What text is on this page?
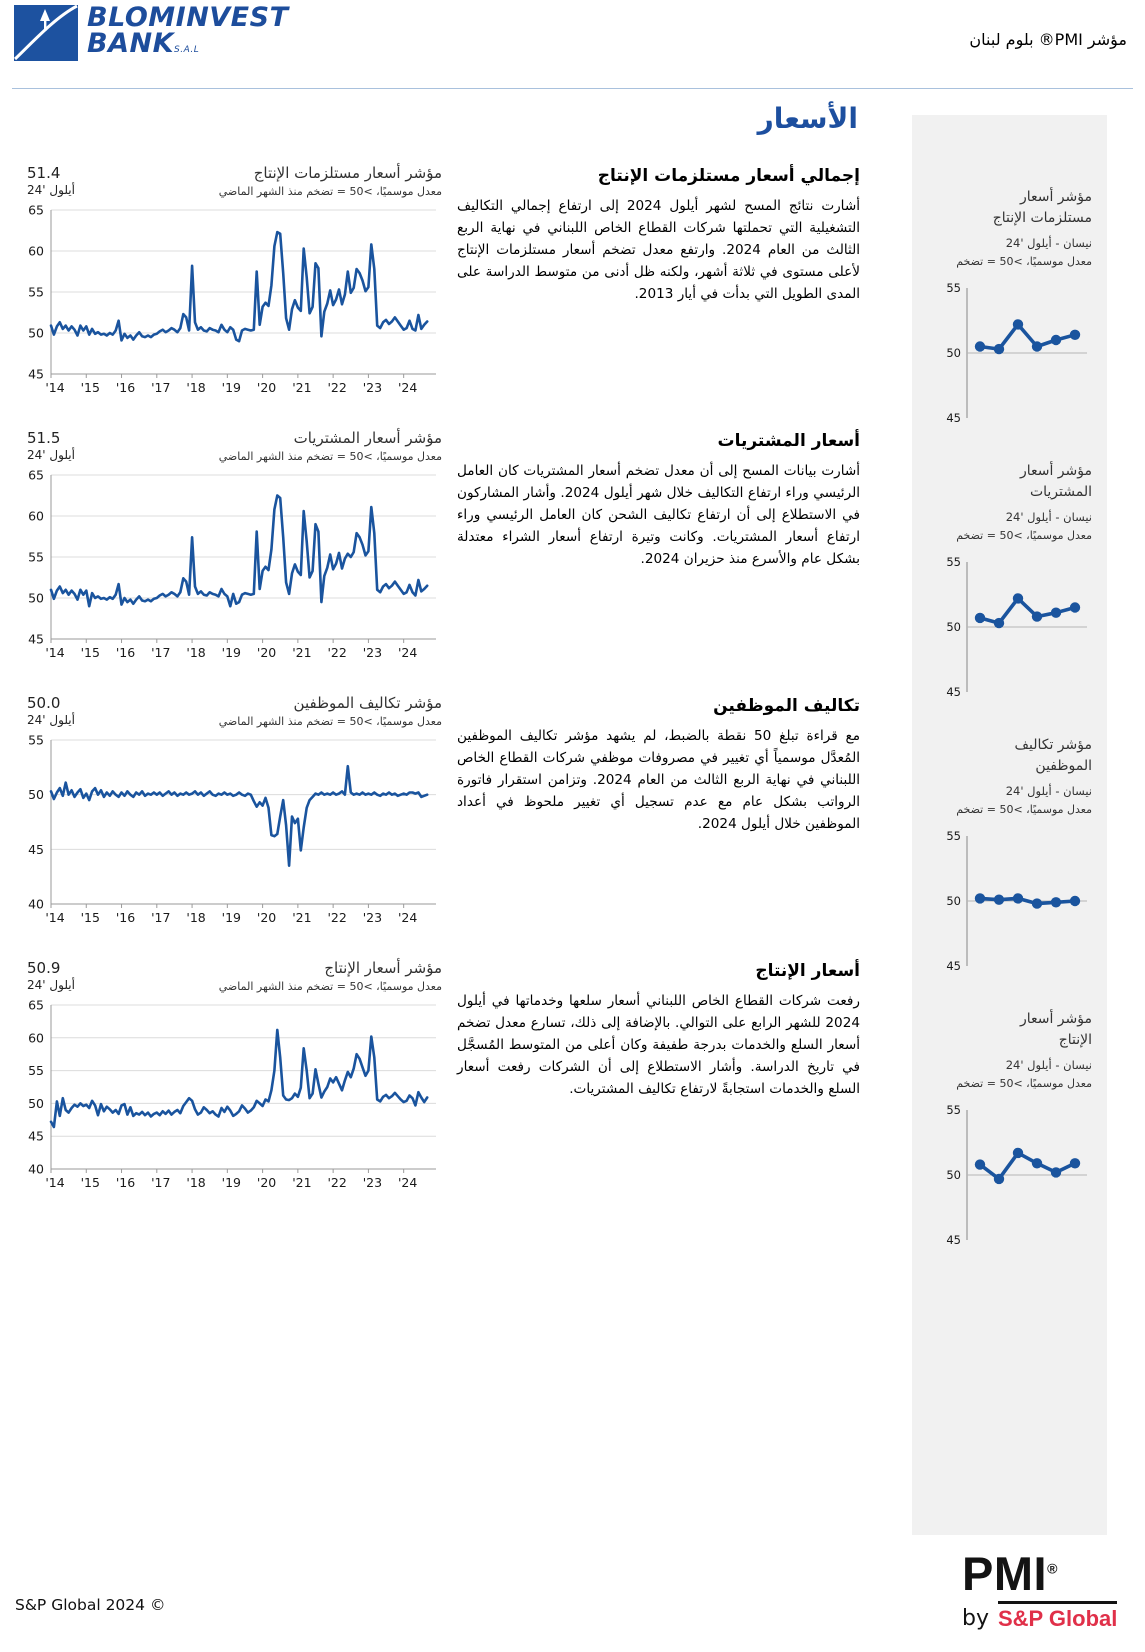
BLOMINVEST
BANKS.A.L
مؤشر PMI® بلوم لبنان
الأسعار
مؤشر أسعار
مستلزمات الإنتاج
نيسان - أيلول '24
معدل موسميًا، >50 = تضخم
45
50
55
مؤشر أسعار
المشتريات
نيسان - أيلول '24
معدل موسميًا، >50 = تضخم
45
50
55
مؤشر تكاليف
الموظفين
نيسان - أيلول '24
معدل موسميًا، >50 = تضخم
45
50
55
مؤشر أسعار
الإنتاج
نيسان - أيلول '24
معدل موسميًا، >50 = تضخم
45
50
55
51.4
أيلول '24
مؤشر أسعار مستلزمات الإنتاج
معدل موسميًا، >50 = تضخم منذ الشهر الماضي
45
50
55
60
65
'14 '15 '16 '17 '18 '19 '20 '21 '22 '23 '24
إجمالي أسعار مستلزمات الإنتاج

أشارت نتائج المسح لشهر أيلول 2024 إلى ارتفاع إجمالي التكاليف التشغيلية التي تحملتها شركات القطاع الخاص اللبناني في نهاية الربع الثالث من العام 2024. وارتفع معدل تضخم أسعار مستلزمات الإنتاج لأعلى مستوى في ثلاثة أشهر، ولكنه ظل أدنى من متوسط الدراسة على المدى الطويل التي بدأت في أيار 2013.

51.5
أيلول '24
مؤشر أسعار المشتريات
معدل موسميًا، >50 = تضخم منذ الشهر الماضي
45
50
55
60
65
'14 '15 '16 '17 '18 '19 '20 '21 '22 '23 '24
أسعار المشتريات

أشارت بيانات المسح إلى أن معدل تضخم أسعار المشتريات كان العامل الرئيسي وراء ارتفاع التكاليف خلال شهر أيلول 2024. وأشار المشاركون في الاستطلاع إلى أن ارتفاع تكاليف الشحن كان العامل الرئيسي وراء ارتفاع أسعار المشتريات. وكانت وتيرة ارتفاع أسعار الشراء معتدلة بشكل عام والأسرع منذ حزيران 2024.

50.0
أيلول '24
مؤشر تكاليف الموظفين
معدل موسميًا، >50 = تضخم منذ الشهر الماضي
40
45
50
55
'14 '15 '16 '17 '18 '19 '20 '21 '22 '23 '24
تكاليف الموظفين

مع قراءة تبلغ 50 نقطة بالضبط، لم يشهد مؤشر تكاليف الموظفين المُعدَّل موسمياً أي تغيير في مصروفات موظفي شركات القطاع الخاص اللبناني في نهاية الربع الثالث من العام 2024. وتزامن استقرار فاتورة الرواتب بشكل عام مع عدم تسجيل أي تغيير ملحوظ في أعداد الموظفين خلال أيلول 2024.

50.9
أيلول '24
مؤشر أسعار الإنتاج
معدل موسميًا، >50 = تضخم منذ الشهر الماضي
40
45
50
55
60
65
'14 '15 '16 '17 '18 '19 '20 '21 '22 '23 '24
أسعار الإنتاج

رفعت شركات القطاع الخاص اللبناني أسعار سلعها وخدماتها في أيلول 2024 للشهر الرابع على التوالي. بالإضافة إلى ذلك، تسارع معدل تضخم أسعار السلع والخدمات بدرجة طفيفة وكان أعلى من المتوسط المُسجَّل في تاريخ الدراسة. وأشار الاستطلاع إلى أن الشركات رفعت أسعار السلع والخدمات استجابةً لارتفاع تكاليف المشتريات.

S&P Global 2024 ©
PMI®
by S&P Global
